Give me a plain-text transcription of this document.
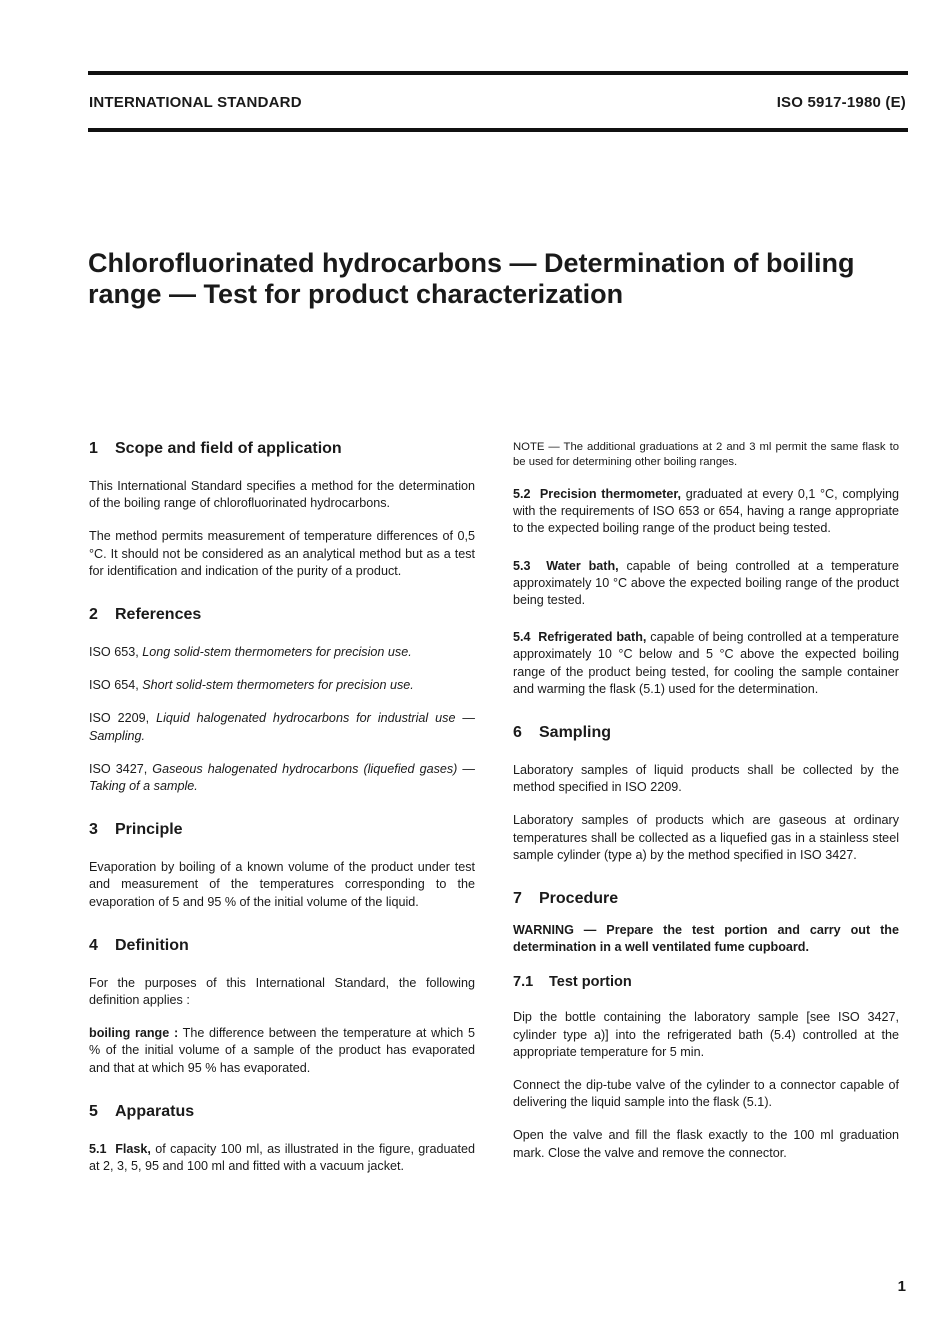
INTERNATIONAL STANDARD	ISO 5917-1980 (E)
Chlorofluorinated hydrocarbons — Determination of boiling range — Test for product characterization
1 Scope and field of application

This International Standard specifies a method for the determination of the boiling range of chlorofluorinated hydrocarbons.

The method permits measurement of temperature differences of 0,5 °C. It should not be considered as an analytical method but as a test for identification and indication of the purity of a product.

2 References

ISO 653, Long solid-stem thermometers for precision use.

ISO 654, Short solid-stem thermometers for precision use.

ISO 2209, Liquid halogenated hydrocarbons for industrial use — Sampling.

ISO 3427, Gaseous halogenated hydrocarbons (liquefied gases) — Taking of a sample.

3 Principle

Evaporation by boiling of a known volume of the product under test and measurement of the temperatures corresponding to the evaporation of 5 and 95 % of the initial volume of the liquid.

4 Definition

For the purposes of this International Standard, the following definition applies :

boiling range : The difference between the temperature at which 5 % of the initial volume of a sample of the product has evaporated and that at which 95 % has evaporated.

5 Apparatus

5.1 Flask, of capacity 100 ml, as illustrated in the figure, graduated at 2, 3, 5, 95 and 100 ml and fitted with a vacuum jacket.

NOTE — The additional graduations at 2 and 3 ml permit the same flask to be used for determining other boiling ranges.

5.2 Precision thermometer, graduated at every 0,1 °C, complying with the requirements of ISO 653 or 654, having a range appropriate to the expected boiling range of the product being tested.

5.3 Water bath, capable of being controlled at a temperature approximately 10 °C above the expected boiling range of the product being tested.

5.4 Refrigerated bath, capable of being controlled at a temperature approximately 10 °C below and 5 °C above the expected boiling range of the product being tested, for cooling the sample container and warming the flask (5.1) used for the determination.

6 Sampling

Laboratory samples of liquid products shall be collected by the method specified in ISO 2209.

Laboratory samples of products which are gaseous at ordinary temperatures shall be collected as a liquefied gas in a stainless steel sample cylinder (type a) by the method specified in ISO 3427.

7 Procedure

WARNING — Prepare the test portion and carry out the determination in a well ventilated fume cupboard.

7.1 Test portion

Dip the bottle containing the laboratory sample [see ISO 3427, cylinder type a)] into the refrigerated bath (5.4) controlled at the appropriate temperature for 5 min.

Connect the dip-tube valve of the cylinder to a connector capable of delivering the liquid sample into the flask (5.1).

Open the valve and fill the flask exactly to the 100 ml graduation mark. Close the valve and remove the connector.

1
